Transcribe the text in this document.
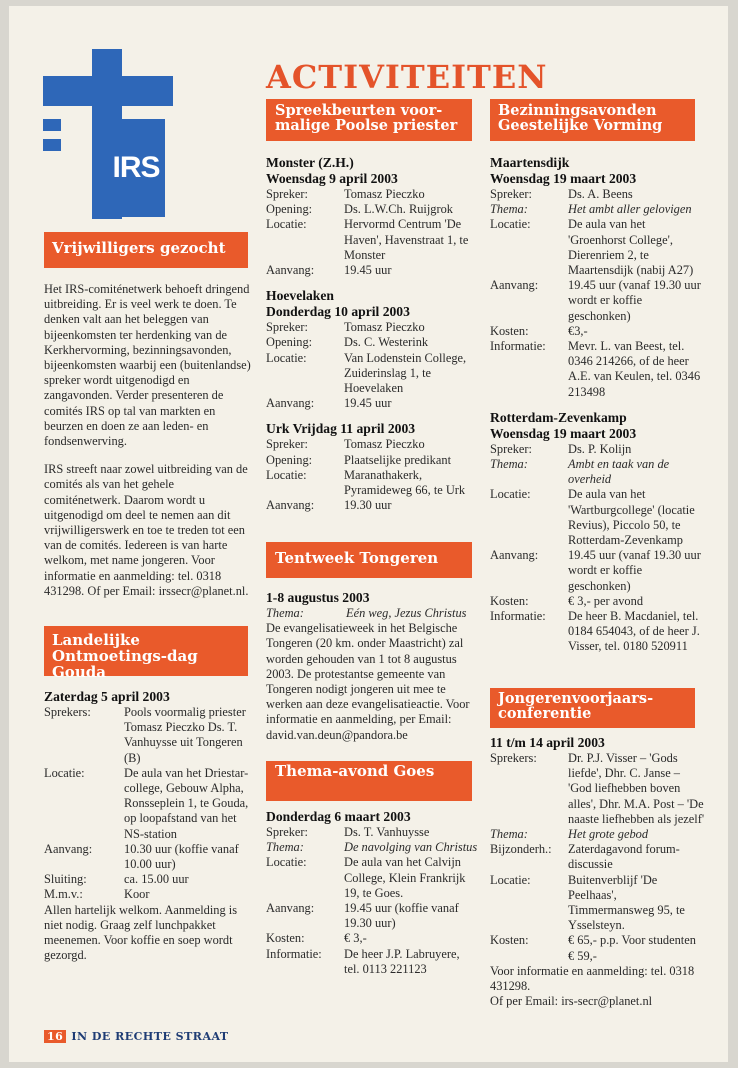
IRS
ACTIVITEITEN
Vrijwilligers gezocht

Het IRS-comiténetwerk behoeft dringend uitbreiding. Er is veel werk te doen. Te denken valt aan het beleggen van bijeenkomsten ter herdenking van de Kerkhervorming, bezinningsavonden, bijeenkomsten waarbij een (buitenlandse) spreker wordt uitgenodigd en zangavonden. Verder presenteren de comités IRS op tal van markten en beurzen en doen ze aan leden- en fondsenwerving.

IRS streeft naar zowel uitbreiding van de comités als van het gehele comiténetwerk. Daarom wordt u uitgenodigd om deel te nemen aan dit vrijwilligerswerk en toe te treden tot een van de comités. Iedereen is van harte welkom, met name jongeren. Voor informatie en aanmelding: tel. 0318 431298. Of per Email: irssecr@planet.nl.

Landelijke Ontmoetings-dag Gouda
Zaterdag 5 april 2003
Sprekers:	Pools voormalig priester Tomasz Pieczko Ds. T. Vanhuysse uit Tongeren (B)
Locatie:	De aula van het Driestar-college, Gebouw Alpha, Ronsseplein 1, te Gouda, op loopafstand van het NS-station
Aanvang:	10.30 uur (koffie vanaf 10.00 uur)
Sluiting:	ca. 15.00 uur
M.m.v.:	Koor
Allen hartelijk welkom. Aanmelding is niet nodig. Graag zelf lunchpakket meenemen. Voor koffie en soep wordt gezorgd.
Spreekbeurten voor-malige Poolse priester
Monster (Z.H.)
Woensdag 9 april 2003
Spreker:	Tomasz Pieczko
Opening:	Ds. L.W.Ch. Ruijgrok
Locatie:	Hervormd Centrum 'De Haven', Havenstraat 1, te Monster
Aanvang:	19.45 uur
Hoevelaken
Donderdag 10 april 2003
Spreker:	Tomasz Pieczko
Opening:	Ds. C. Westerink
Locatie:	Van Lodenstein College, Zuiderinslag 1, te Hoevelaken
Aanvang:	19.45 uur
Urk Vrijdag 11 april 2003
Spreker:	Tomasz Pieczko
Opening:	Plaatselijke predikant
Locatie:	Maranathakerk, Pyramideweg 66, te Urk
Aanvang:	19.30 uur
Tentweek Tongeren
1-8 augustus 2003
Thema:	Eén weg, Jezus Christus
De evangelisatieweek in het Belgische Tongeren (20 km. onder Maastricht) zal worden gehouden van 1 tot 8 augustus 2003. De protestantse gemeente van Tongeren nodigt jongeren uit mee te werken aan deze evangelisatieactie. Voor informatie en aanmelding, per Email: david.van.deun@pandora.be
Thema-avond Goes
Donderdag 6 maart 2003
Spreker:	Ds. T. Vanhuysse
Thema:	De navolging van Christus
Locatie:	De aula van het Calvijn College, Klein Frankrijk 19, te Goes.
Aanvang:	19.45 uur (koffie vanaf 19.30 uur)
Kosten:	€ 3,-
Informatie:	De heer J.P. Labruyere, tel. 0113 221123
Bezinningsavonden Geestelijke Vorming
Maartensdijk
Woensdag 19 maart 2003
Spreker:	Ds. A. Beens
Thema:	Het ambt aller gelovigen
Locatie:	De aula van het 'Groenhorst College', Dierenriem 2, te Maartensdijk (nabij A27)
Aanvang:	19.45 uur (vanaf 19.30 uur wordt er koffie geschonken)
Kosten:	€3,-
Informatie:	Mevr. L. van Beest, tel. 0346 214266, of de heer A.E. van Keulen, tel. 0346 213498
Rotterdam-Zevenkamp
Woensdag 19 maart 2003
Spreker:	Ds. P. Kolijn
Thema:	Ambt en taak van de overheid
Locatie:	De aula van het 'Wartburgcollege' (locatie Revius), Piccolo 50, te Rotterdam-Zevenkamp
Aanvang:	19.45 uur (vanaf 19.30 uur wordt er koffie geschonken)
Kosten:	€ 3,- per avond
Informatie:	De heer B. Macdaniel, tel. 0184 654043, of de heer J. Visser, tel. 0180 520911
Jongerenvoorjaars-conferentie
11 t/m 14 april 2003
Sprekers:	Dr. P.J. Visser – 'Gods liefde', Dhr. C. Janse – 'God liefhebben boven alles', Dhr. M.A. Post – 'De naaste liefhebben als jezelf'
Thema:	Het grote gebod
Bijzonderh.:	Zaterdagavond forum-discussie
Locatie:	Buitenverblijf 'De Peelhaas', Timmermansweg 95, te Ysselsteyn.
Kosten:	€ 65,- p.p. Voor studenten € 59,-
Voor informatie en aanmelding: tel. 0318 431298.
Of per Email: irs-secr@planet.nl
16 IN DE RECHTE STRAAT
